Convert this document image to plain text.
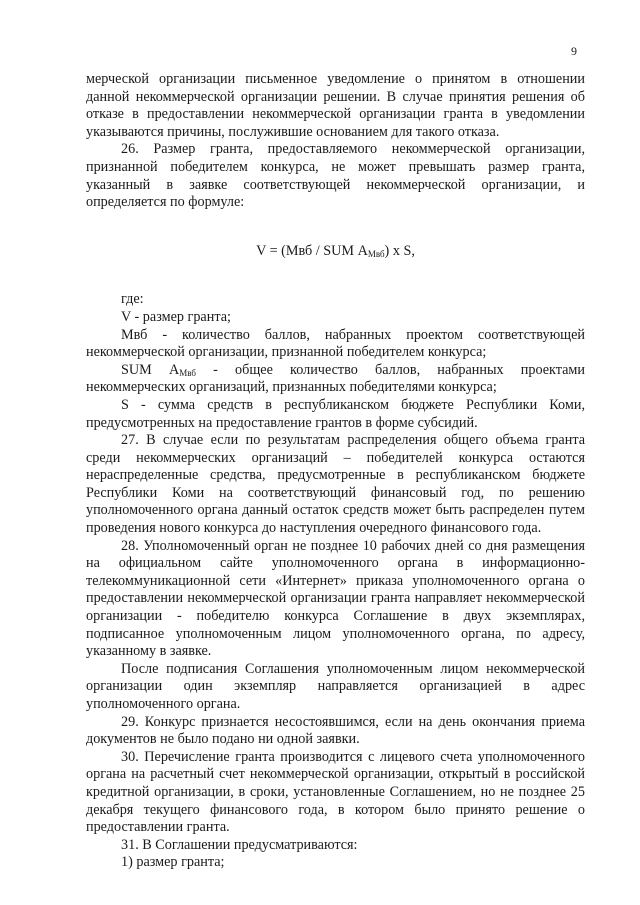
9

мерческой организации письменное уведомление о принятом в отношении данной некоммерческой организации решении. В случае принятия решения об отказе в предоставлении некоммерческой организации гранта в уведомлении указываются причины, послужившие основанием для такого отказа.

26. Размер гранта, предоставляемого некоммерческой организации, признанной победителем конкурса, не может превышать размер гранта, указанный в заявке соответствующей некоммерческой организации, и определяется по формуле:

V = (Мвб / SUM $А_{Мвб}$) х S,

где:

V - размер гранта;

Мвб - количество баллов, набранных проектом соответствующей некоммерческой организации, признанной победителем конкурса;

SUM $А_{Мвб}$ - общее количество баллов, набранных проектами некоммерческих организаций, признанных победителями конкурса;

S - сумма средств в республиканском бюджете Республики Коми, предусмотренных на предоставление грантов в форме субсидий.

27. В случае если по результатам распределения общего объема гранта среди некоммерческих организаций – победителей конкурса остаются нераспределенные средства, предусмотренные в республиканском бюджете Республики Коми на соответствующий финансовый год, по решению уполномоченного органа данный остаток средств может быть распределен путем проведения нового конкурса до наступления очередного финансового года.

28. Уполномоченный орган не позднее 10 рабочих дней со дня размещения на официальном сайте уполномоченного органа в информационно-телекоммуникационной сети «Интернет» приказа уполномоченного органа о предоставлении некоммерческой организации гранта направляет некоммерческой организации - победителю конкурса Соглашение в двух экземплярах, подписанное уполномоченным лицом уполномоченного органа, по адресу, указанному в заявке.

После подписания Соглашения уполномоченным лицом некоммерческой организации один экземпляр направляется организацией в адрес уполномоченного органа.

29. Конкурс признается несостоявшимся, если на день окончания приема документов не было подано ни одной заявки.

30. Перечисление гранта производится с лицевого счета уполномоченного органа на расчетный счет некоммерческой организации, открытый в российской кредитной организации, в сроки, установленные Соглашением, но не позднее 25 декабря текущего финансового года, в котором было принято решение о предоставлении гранта.

31. В Соглашении предусматриваются:

1) размер гранта;
